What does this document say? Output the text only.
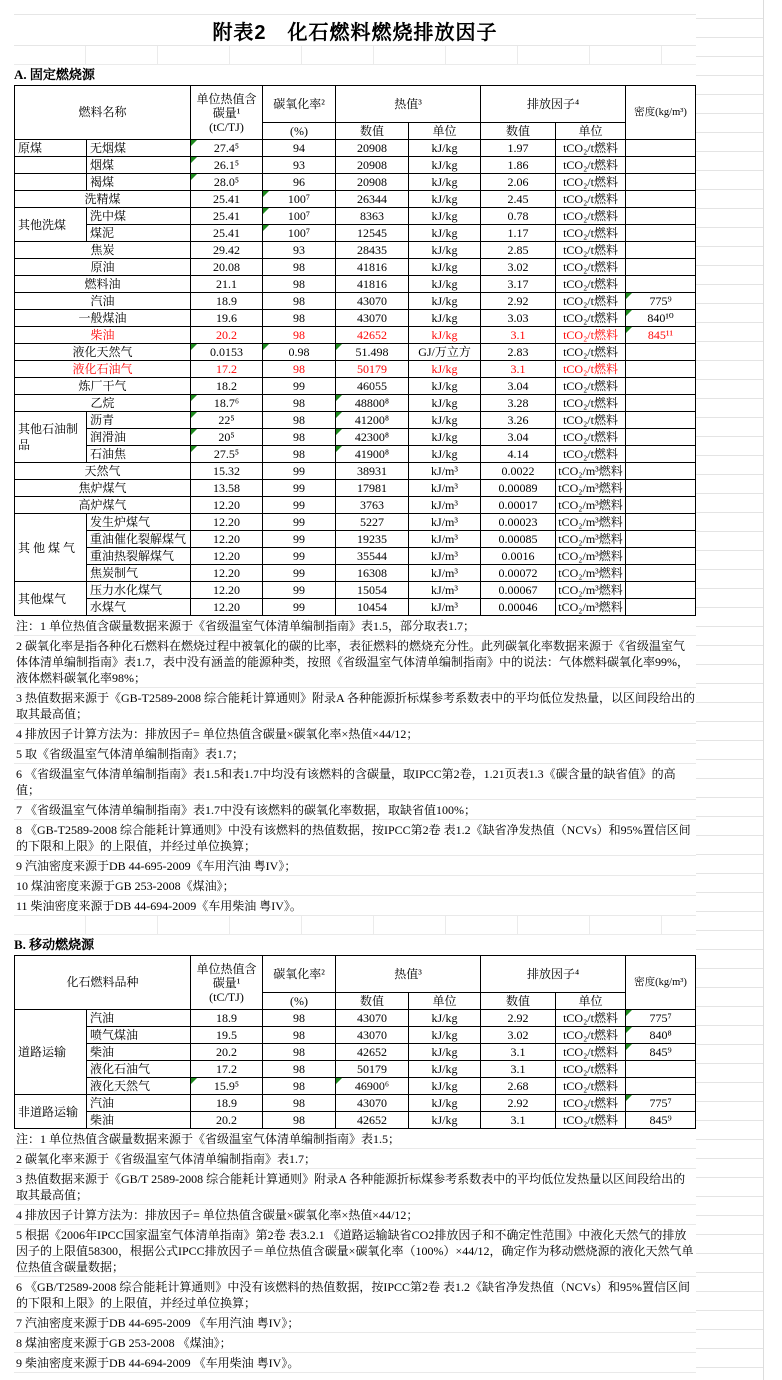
附表2　化石燃料燃烧排放因子
A. 固定燃烧源
燃料名称		单位热值含碳量¹
(tC/TJ)	碳氧化率²	热值³		排放因子⁴		密度(kg/m³)
			(%)	数值	单位	数值	单位	
原煤	无烟煤	27.4⁵	94	20908	kJ/kg	1.97	tCO₂/t燃料	
	烟煤	26.1⁵	93	20908	kJ/kg	1.86	tCO₂/t燃料	
	褐煤	28.0⁵	96	20908	kJ/kg	2.06	tCO₂/t燃料	
洗精煤		25.41	100⁷	26344	kJ/kg	2.45	tCO₂/t燃料	
其他洗煤	洗中煤	25.41	100⁷	8363	kJ/kg	0.78	tCO₂/t燃料	
	煤泥	25.41	100⁷	12545	kJ/kg	1.17	tCO₂/t燃料	
焦炭		29.42	93	28435	kJ/kg	2.85	tCO₂/t燃料	
原油		20.08	98	41816	kJ/kg	3.02	tCO₂/t燃料	
燃料油		21.1	98	41816	kJ/kg	3.17	tCO₂/t燃料	
汽油		18.9	98	43070	kJ/kg	2.92	tCO₂/t燃料	775⁹
一般煤油		19.6	98	43070	kJ/kg	3.03	tCO₂/t燃料	840¹⁰
柴油		20.2	98	42652	kJ/kg	3.1	tCO₂/t燃料	845¹¹
液化天然气		0.0153	0.98	51.498	GJ/万立方	2.83	tCO₂/t燃料	
液化石油气		17.2	98	50179	kJ/kg	3.1	tCO₂/t燃料	
炼厂干气		18.2	99	46055	kJ/kg	3.04	tCO₂/t燃料	
乙烷		18.7⁶	98	48800⁸	kJ/kg	3.28	tCO₂/t燃料	
其他石油制品	沥青	22⁵	98	41200⁸	kJ/kg	3.26	tCO₂/t燃料	
	润滑油	20⁵	98	42300⁸	kJ/kg	3.04	tCO₂/t燃料	
	石油焦	27.5⁵	98	41900⁸	kJ/kg	4.14	tCO₂/t燃料	
天然气		15.32	99	38931	kJ/m³	0.0022	tCO₂/m³燃料	
焦炉煤气		13.58	99	17981	kJ/m³	0.00089	tCO₂/m³燃料	
高炉煤气		12.20	99	3763	kJ/m³	0.00017	tCO₂/m³燃料	
其 他 煤 气	发生炉煤气	12.20	99	5227	kJ/m³	0.00023	tCO₂/m³燃料	
	重油催化裂解煤气	12.20	99	19235	kJ/m³	0.00085	tCO₂/m³燃料	
	重油热裂解煤气	12.20	99	35544	kJ/m³	0.0016	tCO₂/m³燃料	
	焦炭制气	12.20	99	16308	kJ/m³	0.00072	tCO₂/m³燃料	
其他煤气	压力水化煤气	12.20	99	15054	kJ/m³	0.00067	tCO₂/m³燃料	
	水煤气	12.20	99	10454	kJ/m³	0.00046	tCO₂/m³燃料	
注：1 单位热值含碳量数据来源于《省级温室气体清单编制指南》表1.5，部分取表1.7；
2 碳氧化率是指各种化石燃料在燃烧过程中被氧化的碳的比率，表征燃料的燃烧充分性。此列碳氧化率数据来源于《省级温室气体体清单编制指南》表1.7，表中没有涵盖的能源种类，按照《省级温室气体清单编制指南》中的说法：气体燃料碳氧化率99%，液体燃料碳氧化率98%；
3 热值数据来源于《GB-T2589-2008 综合能耗计算通则》附录A 各种能源折标煤参考系数表中的平均低位发热量，以区间段给出的取其最高值；
4 排放因子计算方法为：排放因子= 单位热值含碳量×碳氧化率×热值×44/12；
5 取《省级温室气体清单编制指南》表1.7；
6 《省级温室气体清单编制指南》表1.5和表1.7中均没有该燃料的含碳量，取IPCC第2卷，1.21页表1.3《碳含量的缺省值》的高值；
7 《省级温室气体清单编制指南》表1.7中没有该燃料的碳氧化率数据，取缺省值100%；
8 《GB-T2589-2008 综合能耗计算通则》中没有该燃料的热值数据，按IPCC第2卷 表1.2《缺省净发热值（NCVs）和95%置信区间的下限和上限》的上限值，并经过单位换算；
9 汽油密度来源于DB 44-695-2009《车用汽油 粤IV》；
10 煤油密度来源于GB 253-2008《煤油》；
11 柴油密度来源于DB 44-694-2009《车用柴油 粤IV》。
B. 移动燃烧源
化石燃料品种		单位热值含碳量¹
(tC/TJ)	碳氧化率²	热值³		排放因子⁴		密度(kg/m³)
			(%)	数值	单位	数值	单位	
道路运输	汽油	18.9	98	43070	kJ/kg	2.92	tCO₂/t燃料	775⁷
	喷气煤油	19.5	98	43070	kJ/kg	3.02	tCO₂/t燃料	840⁸
	柴油	20.2	98	42652	kJ/kg	3.1	tCO₂/t燃料	845⁹
	液化石油气	17.2	98	50179	kJ/kg	3.1	tCO₂/t燃料	
	液化天然气	15.9⁵	98	46900⁶	kJ/kg	2.68	tCO₂/t燃料	
非道路运输	汽油	18.9	98	43070	kJ/kg	2.92	tCO₂/t燃料	775⁷
	柴油	20.2	98	42652	kJ/kg	3.1	tCO₂/t燃料	845⁹
注：1 单位热值含碳量数据来源于《省级温室气体清单编制指南》表1.5；
2 碳氧化率来源于《省级温室气体清单编制指南》表1.7；
3 热值数据来源于《GB/T 2589-2008 综合能耗计算通则》附录A 各种能源折标煤参考系数表中的平均低位发热量以区间段给出的取其最高值；
4 排放因子计算方法为：排放因子= 单位热值含碳量×碳氧化率×热值×44/12；
5 根据《2006年IPCC国家温室气体清单指南》第2卷 表3.2.1 《道路运输缺省CO2排放因子和不确定性范围》中液化天然气的排放因子的上限值58300，根据公式IPCC排放因子＝单位热值含碳量×碳氧化率（100%）×44/12，确定作为移动燃烧源的液化天然气单位热值含碳量数据；
6 《GB/T2589-2008 综合能耗计算通则》中没有该燃料的热值数据，按IPCC第2卷 表1.2《缺省净发热值（NCVs）和95%置信区间的下限和上限》的上限值，并经过单位换算；
7 汽油密度来源于DB 44-695-2009 《车用汽油 粤IV》；
8 煤油密度来源于GB 253-2008 《煤油》；
9 柴油密度来源于DB 44-694-2009 《车用柴油 粤IV》。
